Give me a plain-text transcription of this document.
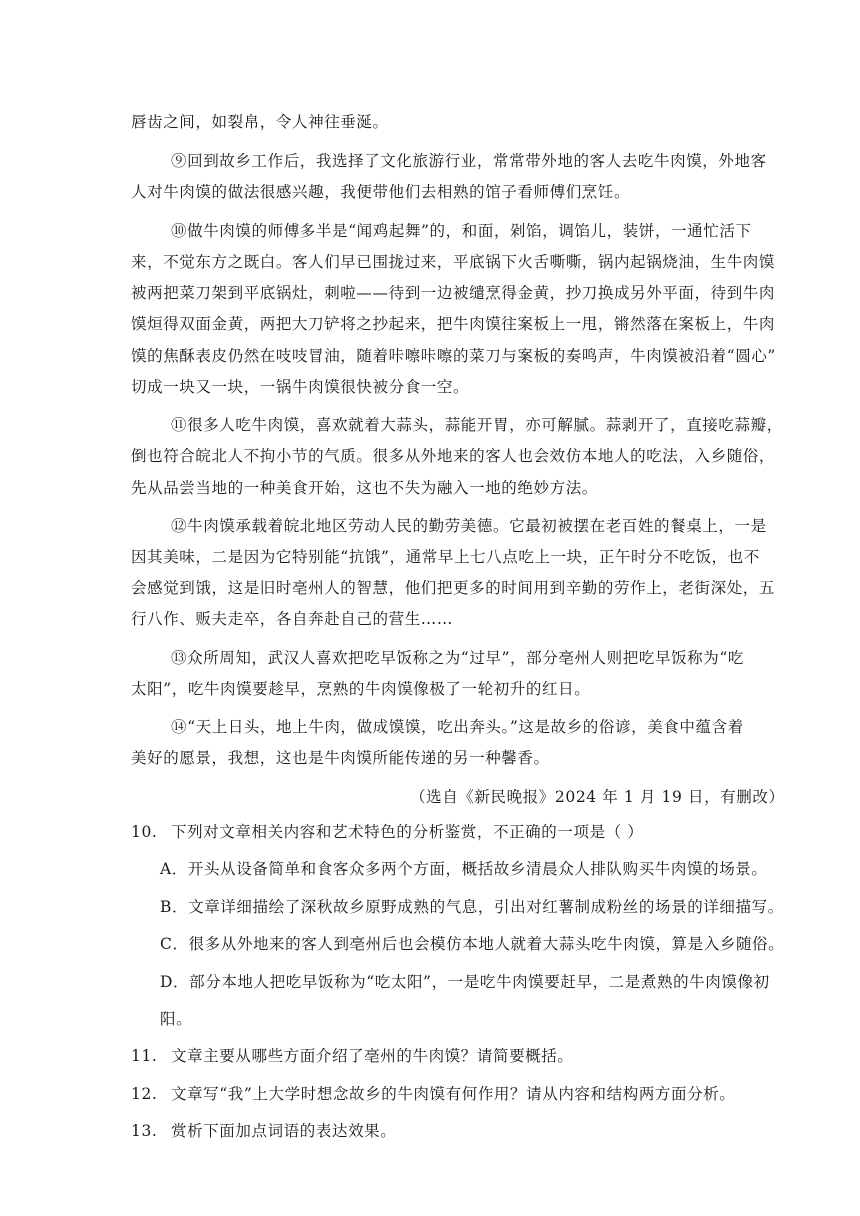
唇齿之间，如裂帛，令人神往垂涎。
⑨回到故乡工作后，我选择了文化旅游行业，常常带外地的客人去吃牛肉馍，外地客
人对牛肉馍的做法很感兴趣，我便带他们去相熟的馆子看师傅们烹饪。
⑩做牛肉馍的师傅多半是“闻鸡起舞”的，和面，剁馅，调馅儿，装饼，一通忙活下
来，不觉东方之既白。客人们早已围拢过来，平底锅下火舌嘶嘶，锅内起锅烧油，生牛肉馍
被两把菜刀架到平底锅灶，刺啦——待到一边被缱烹得金黄，抄刀换成另外平面，待到牛肉
馍烜得双面金黄，两把大刀铲将之抄起来，把牛肉馍往案板上一甩，锵然落在案板上，牛肉
馍的焦酥表皮仍然在吱吱冒油，随着咔嚓咔嚓的菜刀与案板的奏鸣声，牛肉馍被沿着“圆心”
切成一块又一块，一锅牛肉馍很快被分食一空。
⑪很多人吃牛肉馍，喜欢就着大蒜头，蒜能开胃，亦可解腻。蒜剥开了，直接吃蒜瓣，
倒也符合皖北人不拘小节的气质。很多从外地来的客人也会效仿本地人的吃法，入乡随俗，
先从品尝当地的一种美食开始，这也不失为融入一地的绝妙方法。
⑫牛肉馍承载着皖北地区劳动人民的勤劳美德。它最初被摆在老百姓的餐桌上，一是
因其美味，二是因为它特别能“抗饿”，通常早上七八点吃上一块，正午时分不吃饭，也不
会感觉到饿，这是旧时亳州人的智慧，他们把更多的时间用到辛勤的劳作上，老街深处，五
行八作、贩夫走卒，各自奔赴自己的营生……
⑬众所周知，武汉人喜欢把吃早饭称之为“过早”，部分亳州人则把吃早饭称为“吃
太阳”，吃牛肉馍要趁早，烹熟的牛肉馍像极了一轮初升的红日。
⑭“天上日头，地上牛肉，做成馍馍，吃出奔头。”这是故乡的俗谚，美食中蕴含着
美好的愿景，我想，这也是牛肉馍所能传递的另一种馨香。
（选自《新民晚报》2024 年 1 月 19 日，有删改）
10. 下列对文章相关内容和艺术特色的分析鉴赏，不正确的一项是（ ）
A．开头从设备简单和食客众多两个方面，概括故乡清晨众人排队购买牛肉馍的场景。
B．文章详细描绘了深秋故乡原野成熟的气息，引出对红薯制成粉丝的场景的详细描写。
C．很多从外地来的客人到亳州后也会模仿本地人就着大蒜头吃牛肉馍，算是入乡随俗。
D．部分本地人把吃早饭称为“吃太阳”，一是吃牛肉馍要赶早，二是煮熟的牛肉馍像初
阳。
11. 文章主要从哪些方面介绍了亳州的牛肉馍？请简要概括。
12. 文章写“我”上大学时想念故乡的牛肉馍有何作用？请从内容和结构两方面分析。
13. 赏析下面加点词语的表达效果。
